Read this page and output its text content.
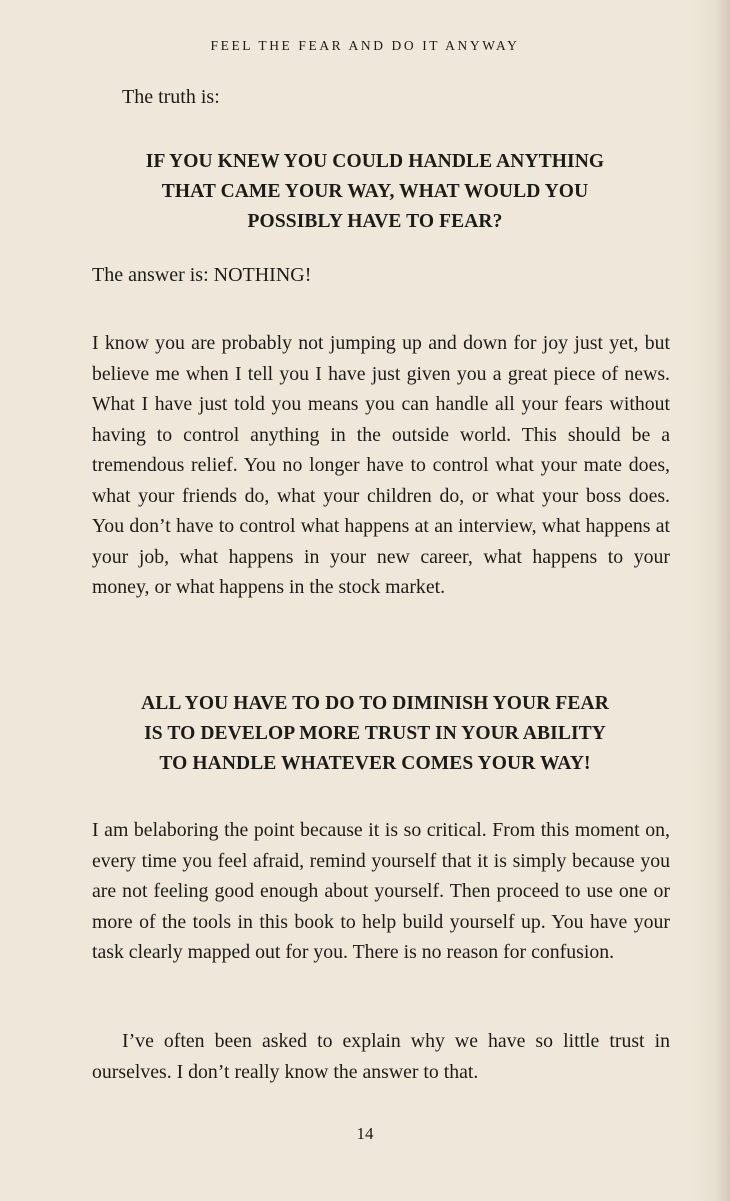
FEEL THE FEAR AND DO IT ANYWAY
The truth is:
IF YOU KNEW YOU COULD HANDLE ANYTHING
THAT CAME YOUR WAY, WHAT WOULD YOU
POSSIBLY HAVE TO FEAR?
The answer is: NOTHING!

I know you are probably not jumping up and down for joy just yet, but believe me when I tell you I have just given you a great piece of news. What I have just told you means you can handle all your fears without having to control anything in the outside world. This should be a tremendous relief. You no longer have to control what your mate does, what your friends do, what your children do, or what your boss does. You don’t have to control what happens at an interview, what happens at your job, what happens in your new career, what happens to your money, or what happens in the stock market.

ALL YOU HAVE TO DO TO DIMINISH YOUR FEAR
IS TO DEVELOP MORE TRUST IN YOUR ABILITY
TO HANDLE WHATEVER COMES YOUR WAY!

I am belaboring the point because it is so critical. From this moment on, every time you feel afraid, remind yourself that it is simply because you are not feeling good enough about yourself. Then proceed to use one or more of the tools in this book to help build yourself up. You have your task clearly mapped out for you. There is no reason for confusion.

I’ve often been asked to explain why we have so little trust in ourselves. I don’t really know the answer to that.

14
